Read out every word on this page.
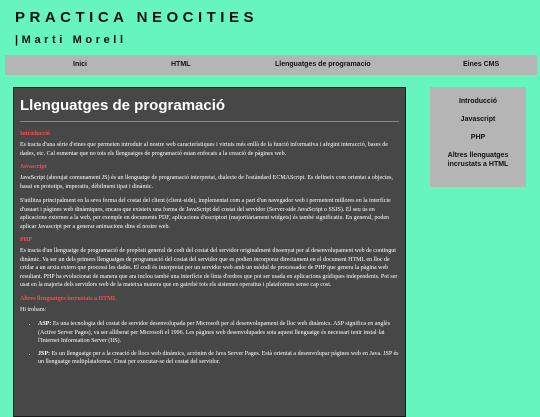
PRACTICA NEOCITIES
|Marti Morell
Inici	HTML	Llenguatges de programacio	Eines CMS
Llenguatges de programació
Introducció

Es tracta d'una sèrie d'eines que permeten introduir al nostre web característiques i virtuts més enllà de la funció informativa i afegint interacció, bases de dades, etc. Cal esmentar que no tots els llenguatges de programació estan enfocats a la creació de pàgines web.

Javascript

JavaScript (abreujat comunament JS) és un llenguatge de programació interpretat, dialecte de l'estàndard ECMAScript. Es defineix com orientat a objectes, basat en prototips, imperatiu, dèbilment tipat i dinàmic.

S'utilitza principalment en la seva forma del costat del client (client-side), implementat com a part d'un navegador web i permetent millores en la interfície d'usuari i pàgines web dinàmiques, encara que existeix una forma de JavaScript del costat del servidor (Server-side JavaScript o SSJS). El seu ús en aplicacions externes a la web, per exemple en documents PDF, aplicacions d'escriptori (majoritàriament widgets) és també significatiu. En general, poden aplicar Javascript per a generar animacions dins el nostre web.

PHP

Es tracta d'un llenguatge de programació de propòsit general de codi del costat del servidor originalment dissenyat per al desenvolupament web de contingut dinàmic. Va ser un dels primers llenguatges de programació del costat del servidor que es podien incorporar directament en el document HTML en lloc de cridar a un arxiu extern que processi les dades. El codi és interpretat per un servidor web amb un mòdul de processador de PHP que genera la pàgina web resultant. PHP ha evolucionat de manera que ara inclou també una interfície de línia d'ordres que pot ser usada en aplicacions gràfiques independents. Pot ser usat en la majoria dels servidors web de la mateixa manera que en gairebé tots els sistemes operatius i plataformes sense cap cost.

Altres llenguatges incrustats a HTML

Hi trobam:

• ASP: Es una tecnologia del costat de servidor desenvolupada per Microsoft per al desenvolupament de lloc web dinàmics. ASP significa en anglès (Active Server Pages), va ser alliberat per Microsoft el 1996. Les pàgines web desenvolupades sota aquest llenguatge és necessari tenir instal·lat l'Internet Information Server (IIS).
• JSP: Es un llenguatge per a la creació de llocs web dinàmics, acrònim de Java Server Pages. Està orientat a desenvolupar pàgines web en Java. JSP és un llenguatge multiplataforma. Creat per executar-se del costat del servidor.
Introducció
Javascript
PHP
Altres llenguatges incrustats a HTML
